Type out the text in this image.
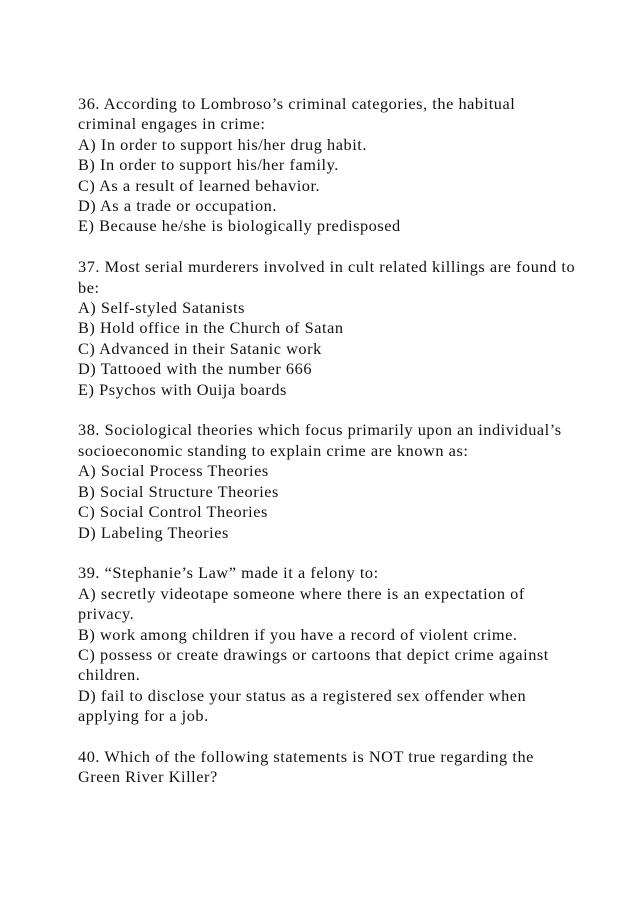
36. According to Lombroso’s criminal categories, the habitual criminal engages in crime:
A) In order to support his/her drug habit.
B) In order to support his/her family.
C) As a result of learned behavior.
D) As a trade or occupation.
E) Because he/she is biologically predisposed
37. Most serial murderers involved in cult related killings are found to be:
A) Self-styled Satanists
B) Hold office in the Church of Satan
C) Advanced in their Satanic work
D) Tattooed with the number 666
E) Psychos with Ouija boards
38. Sociological theories which focus primarily upon an individual’s socioeconomic standing to explain crime are known as:
A) Social Process Theories
B) Social Structure Theories
C) Social Control Theories
D) Labeling Theories
39. “Stephanie’s Law” made it a felony to:
A) secretly videotape someone where there is an expectation of privacy.
B) work among children if you have a record of violent crime.
C) possess or create drawings or cartoons that depict crime against children.
D) fail to disclose your status as a registered sex offender when applying for a job.
40. Which of the following statements is NOT true regarding the Green River Killer?
